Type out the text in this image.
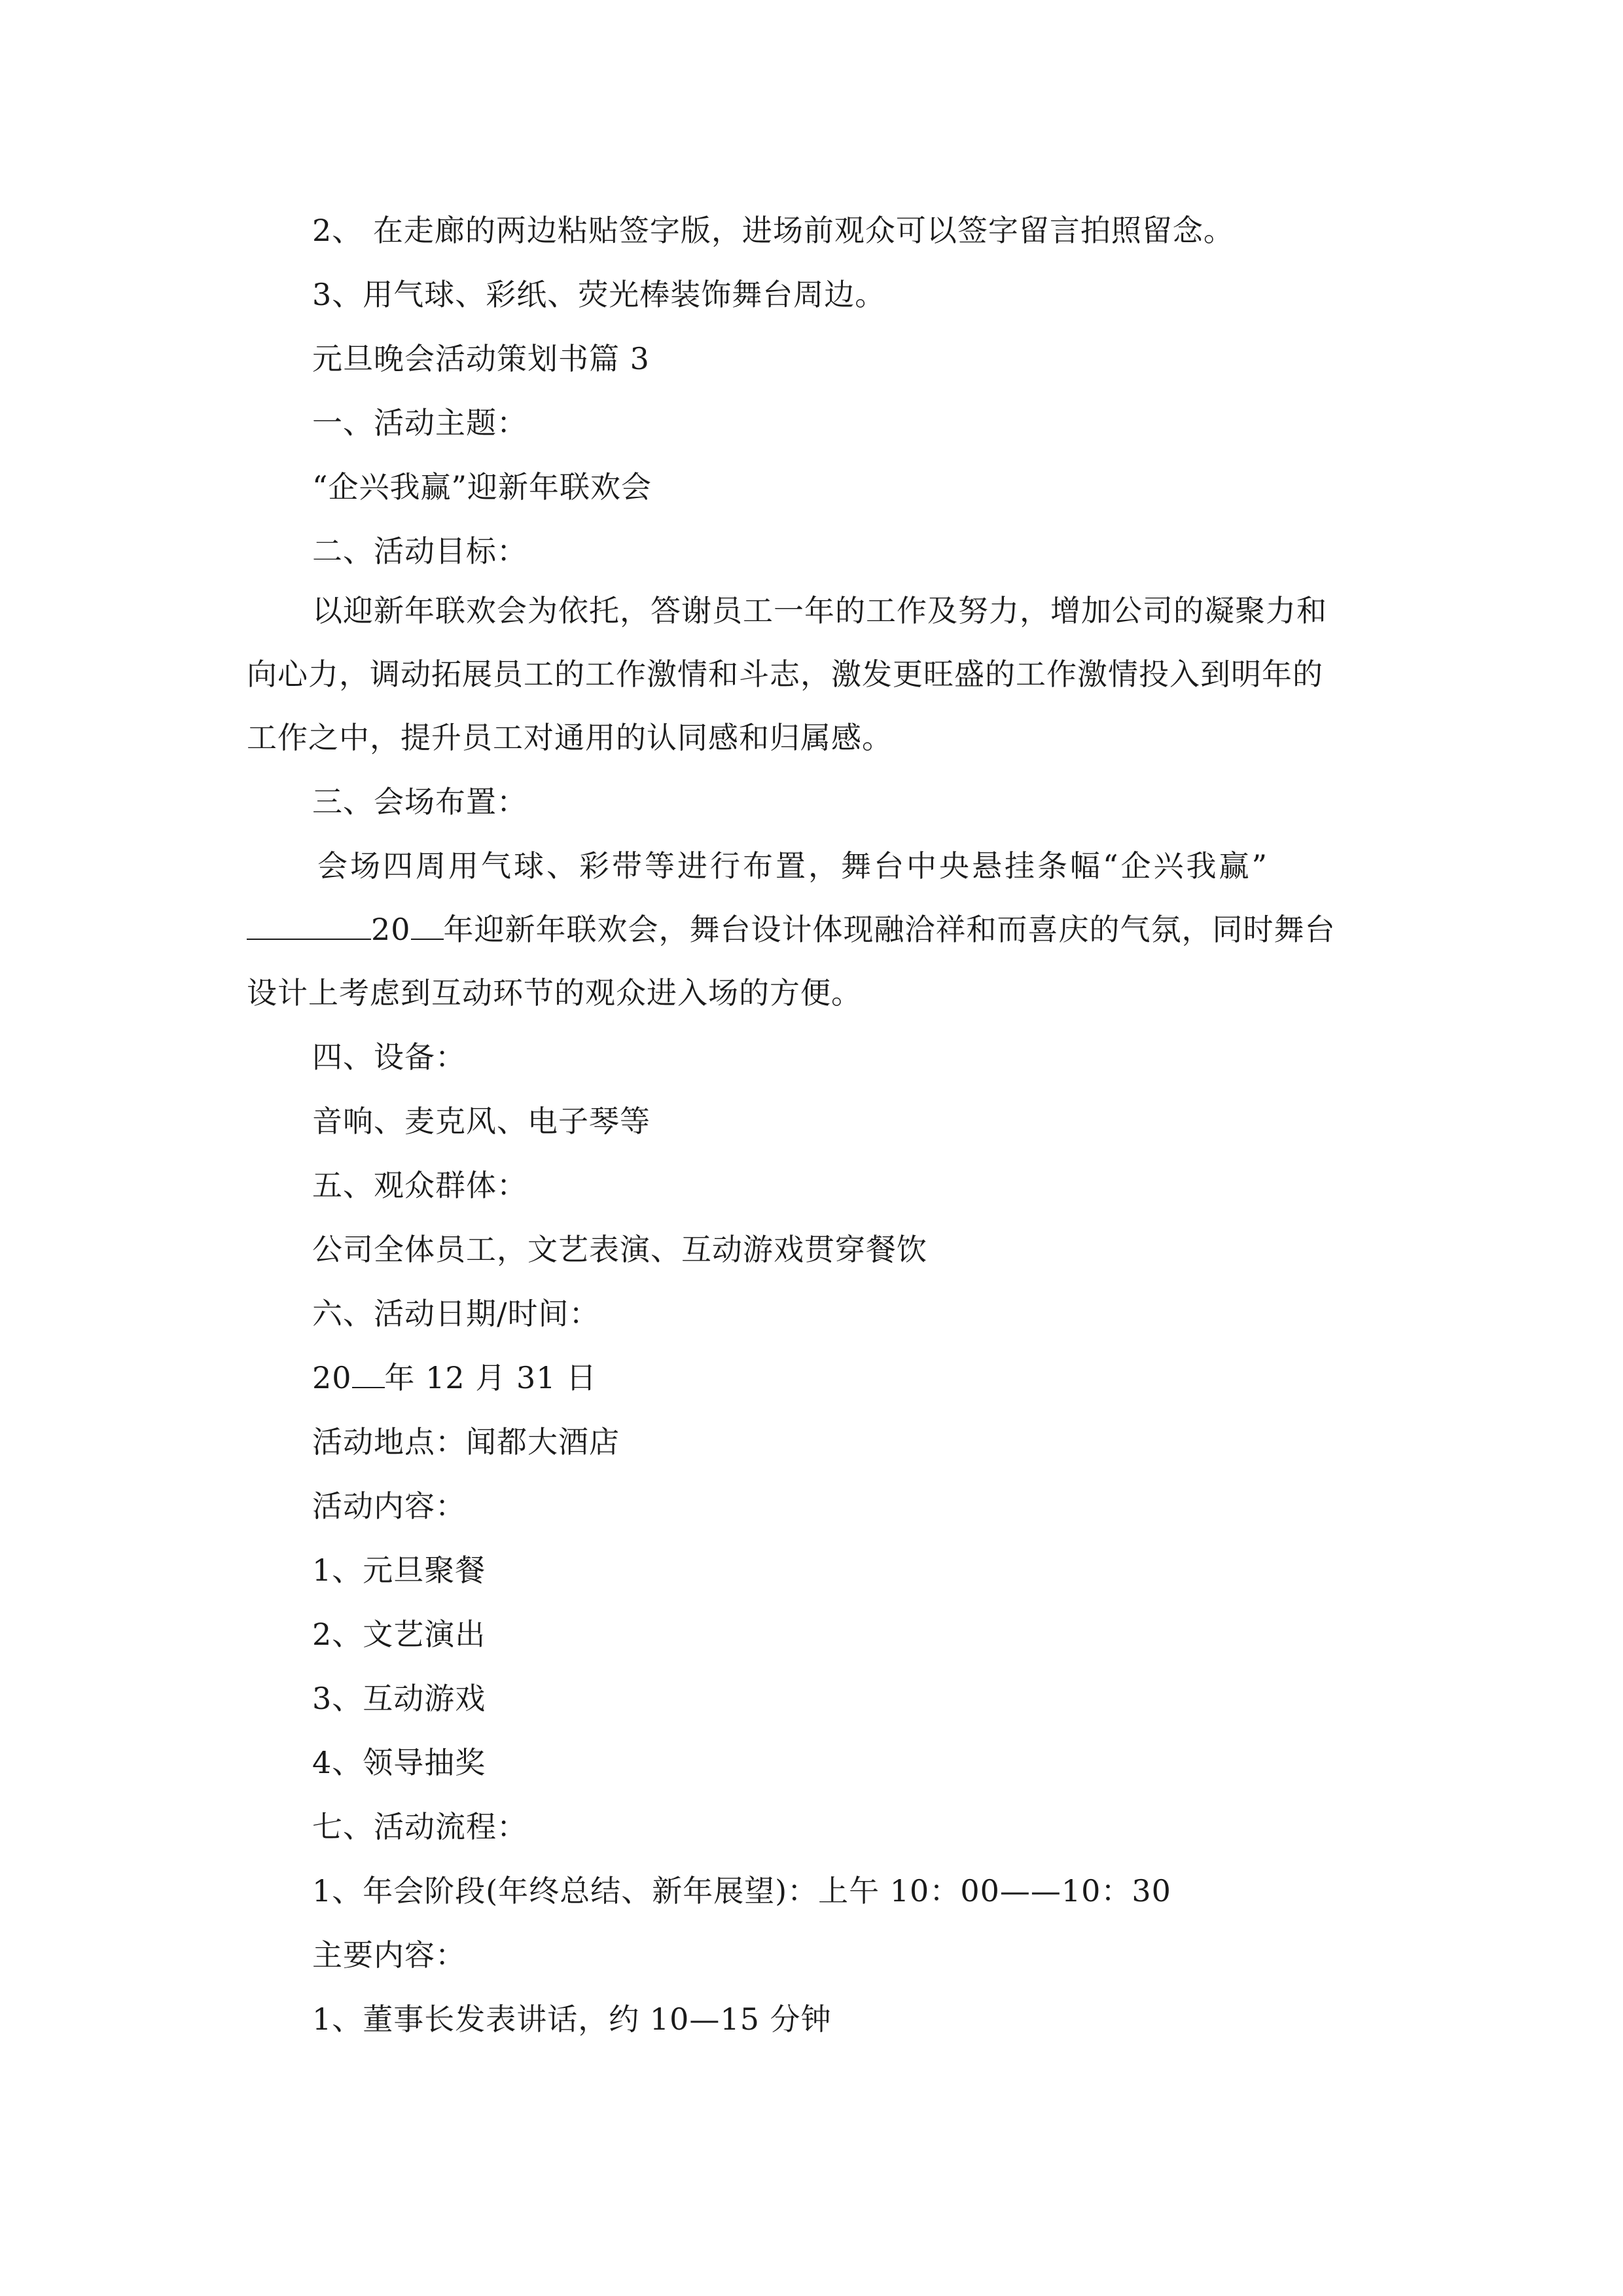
2、 在走廊的两边粘贴签字版，进场前观众可以签字留言拍照留念。
3、用气球、彩纸、荧光棒装饰舞台周边。
元旦晚会活动策划书篇 3
一、活动主题：
“企兴我赢”迎新年联欢会
二、活动目标：
以迎新年联欢会为依托，答谢员工一年的工作及努力，增加公司的凝聚力和
向心力，调动拓展员工的工作激情和斗志，激发更旺盛的工作激情投入到明年的
工作之中，提升员工对通用的认同感和归属感。
三、会场布置：
会场四周用气球、彩带等进行布置，舞台中央悬挂条幅“企兴我赢”
20 年迎新年联欢会，舞台设计体现融洽祥和而喜庆的气氛，同时舞台
设计上考虑到互动环节的观众进入场的方便。
四、设备：
音响、麦克风、电子琴等
五、观众群体：
公司全体员工，文艺表演、互动游戏贯穿餐饮
六、活动日期/时间：
20 年 12 月 31 日
活动地点：闻都大酒店
活动内容：
1、元旦聚餐
2、文艺演出
3、互动游戏
4、领导抽奖
七、活动流程：
1、年会阶段(年终总结、新年展望)：上午 10：00——10：30
主要内容：
1、董事长发表讲话，约 10—15 分钟
